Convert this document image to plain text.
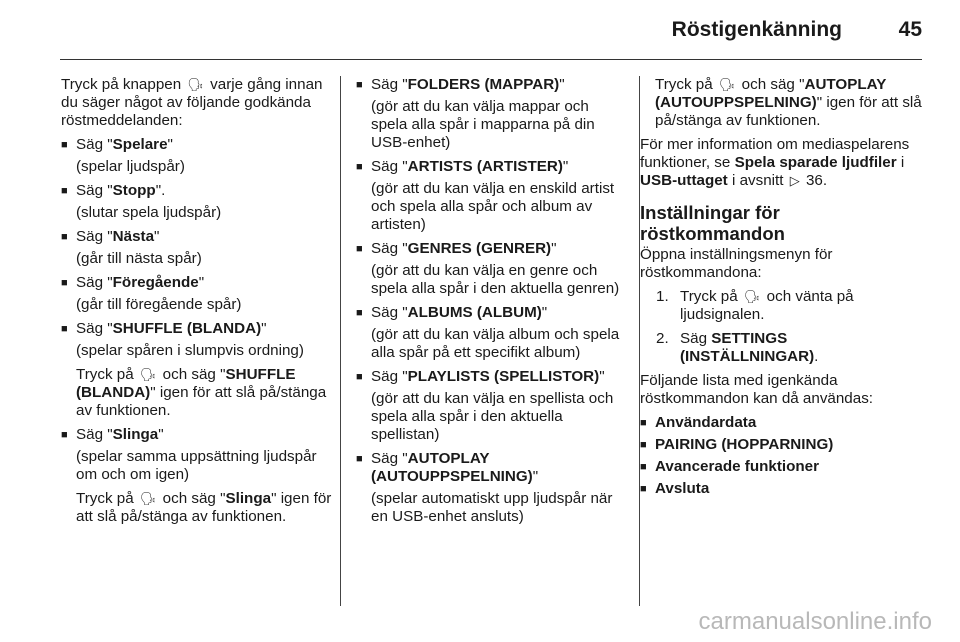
Röstigenkänning	45

Tryck på knappen 🗣︎ varje gång innan du säger något av följande godkända röstmeddelanden:

■ Säg "Spelare"
(spelar ljudspår)
■ Säg "Stopp".
(slutar spela ljudspår)
■ Säg "Nästa"
(går till nästa spår)
■ Säg "Föregående"
(går till föregående spår)
■ Säg "SHUFFLE (BLANDA)"
(spelar spåren i slumpvis ordning)
Tryck på 🗣︎ och säg "SHUFFLE (BLANDA)" igen för att slå på/stänga av funktionen.
■ Säg "Slinga"
(spelar samma uppsättning ljudspår om och om igen)
Tryck på 🗣︎ och säg "Slinga" igen för att slå på/stänga av funktionen.
■ Säg "FOLDERS (MAPPAR)"
(gör att du kan välja mappar och spela alla spår i mapparna på din USB-enhet)
■ Säg "ARTISTS (ARTISTER)"
(gör att du kan välja en enskild artist och spela alla spår och album av artisten)
■ Säg "GENRES (GENRER)"
(gör att du kan välja en genre och spela alla spår i den aktuella genren)
■ Säg "ALBUMS (ALBUM)"
(gör att du kan välja album och spela alla spår på ett specifikt album)
■ Säg "PLAYLISTS (SPELLISTOR)"
(gör att du kan välja en spellista och spela alla spår i den aktuella spellistan)
■ Säg "AUTOPLAY (AUTOUPPSPELNING)"
(spelar automatiskt upp ljudspår när en USB-enhet ansluts)
Tryck på 🗣︎ och säg "AUTOPLAY (AUTOUPPSPELNING)" igen för att slå på/stänga av funktionen.

För mer information om mediaspelarens funktioner, se Spela sparade ljudfiler i USB-uttaget i avsnitt ▷ 36.

Inställningar för röstkommandon

Öppna inställningsmenyn för röstkommandona:

1. Tryck på 🗣︎ och vänta på ljudsignalen.
2. Säg SETTINGS (INSTÄLLNINGAR).

Följande lista med igenkända röstkommandon kan då användas:

■ Användardata
■ PAIRING (HOPPARNING)
■ Avancerade funktioner
■ Avsluta
carmanualsonline.info
